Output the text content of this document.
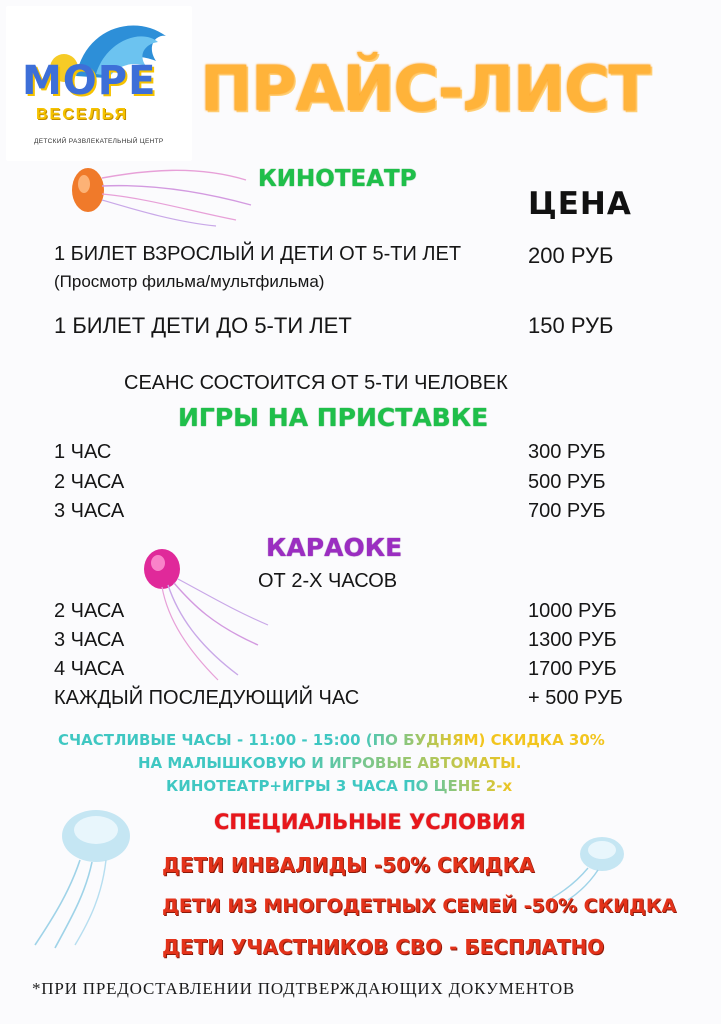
МОРЕ
ВЕСЕЛЬЯ
ДЕТСКИЙ РАЗВЛЕКАТЕЛЬНЫЙ ЦЕНТР
ПРАЙС-ЛИСТ
КИНОТЕАТР
ЦЕНА
1 БИЛЕТ ВЗРОСЛЫЙ И ДЕТИ ОТ 5-ТИ ЛЕТ	200 РУБ
(Просмотр фильма/мультфильма)
1 БИЛЕТ ДЕТИ ДО 5-ТИ ЛЕТ	150 РУБ
СЕАНС СОСТОИТСЯ ОТ 5-ТИ ЧЕЛОВЕК
ИГРЫ НА ПРИСТАВКЕ
1 ЧАС	300 РУБ
2 ЧАСА	500 РУБ
3 ЧАСА	700 РУБ
КАРАОКЕ
ОТ 2-Х ЧАСОВ
2 ЧАСА	1000 РУБ
3 ЧАСА	1300 РУБ
4 ЧАСА	1700 РУБ
КАЖДЫЙ ПОСЛЕДУЮЩИЙ ЧАС	+ 500 РУБ
СЧАСТЛИВЫЕ ЧАСЫ - 11:00 - 15:00 (ПО БУДНЯМ) СКИДКА 30%
НА МАЛЫШКОВУЮ И ИГРОВЫЕ АВТОМАТЫ.
КИНОТЕАТР+ИГРЫ 3 ЧАСА ПО ЦЕНЕ 2-х
СПЕЦИАЛЬНЫЕ УСЛОВИЯ
ДЕТИ ИНВАЛИДЫ -50% СКИДКА
ДЕТИ ИЗ МНОГОДЕТНЫХ СЕМЕЙ -50% СКИДКА
ДЕТИ УЧАСТНИКОВ СВО - БЕСПЛАТНО
*ПРИ ПРЕДОСТАВЛЕНИИ ПОДТВЕРЖДАЮЩИХ ДОКУМЕНТОВ
